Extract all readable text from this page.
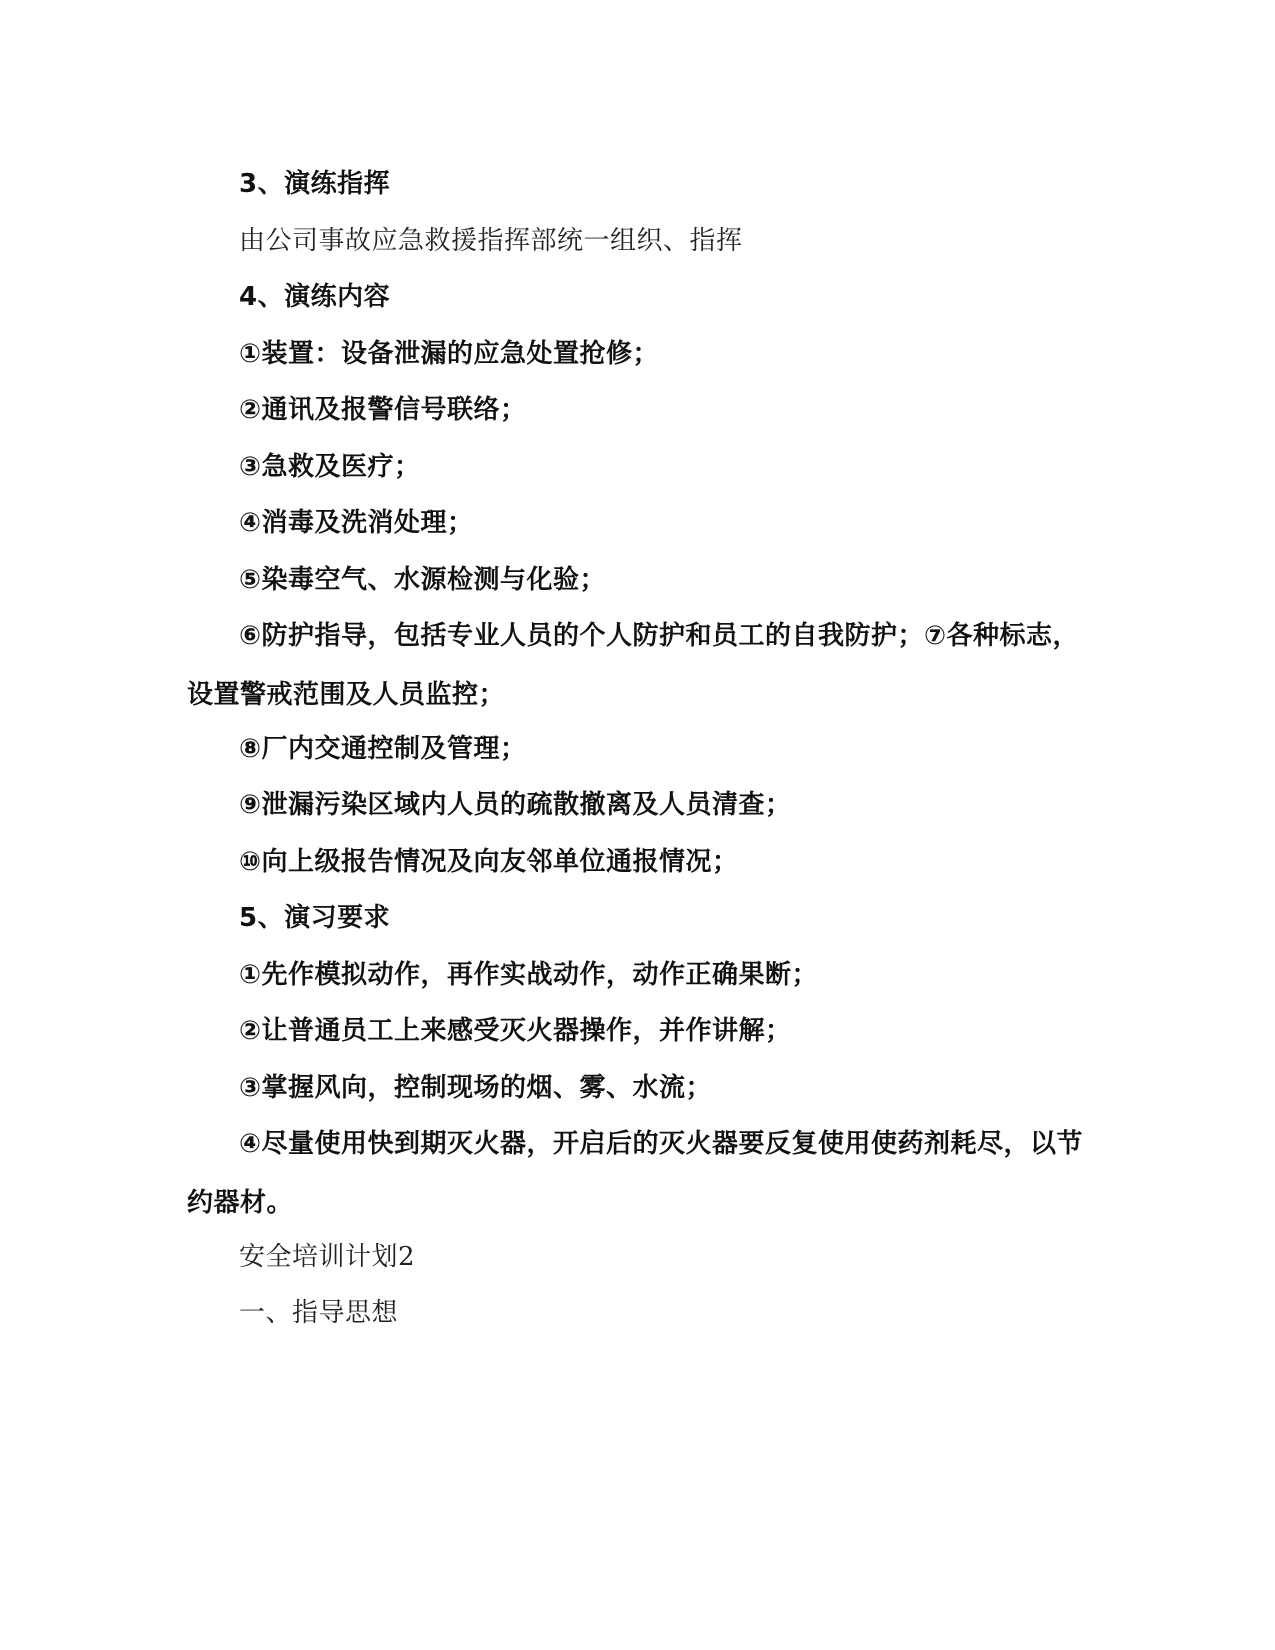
3、演练指挥

由公司事故应急救援指挥部统一组织、指挥

4、演练内容

①装置：设备泄漏的应急处置抢修；

②通讯及报警信号联络；

③急救及医疗；

④消毒及洗消处理；

⑤染毒空气、水源检测与化验；

⑥防护指导，包括专业人员的个人防护和员工的自我防护；⑦各种标志，设置警戒范围及人员监控；

⑧厂内交通控制及管理；

⑨泄漏污染区域内人员的疏散撤离及人员清查；

⑩向上级报告情况及向友邻单位通报情况；

5、演习要求

①先作模拟动作，再作实战动作，动作正确果断；

②让普通员工上来感受灭火器操作，并作讲解；

③掌握风向，控制现场的烟、雾、水流；

④尽量使用快到期灭火器，开启后的灭火器要反复使用使药剂耗尽，以节约器材。

安全培训计划2

一、指导思想
